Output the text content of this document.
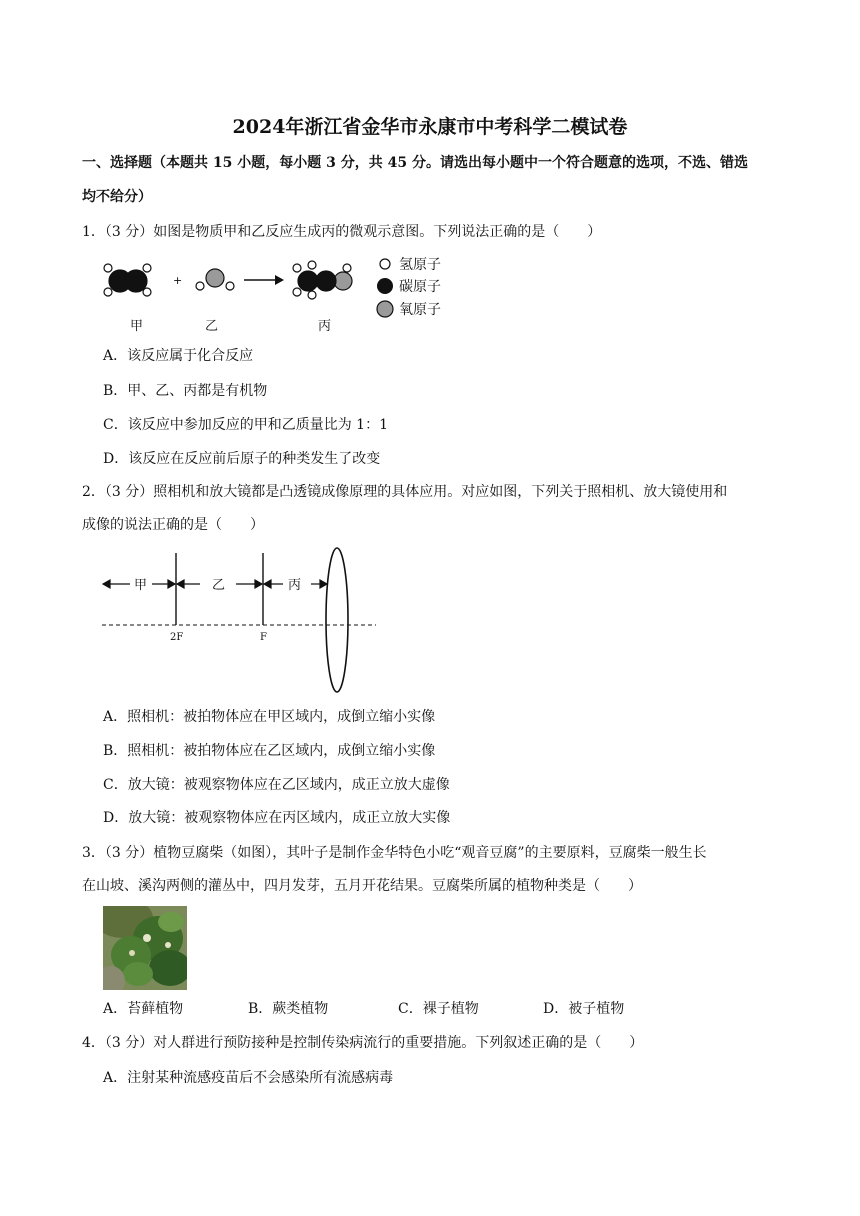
2024年浙江省金华市永康市中考科学二模试卷
一、选择题（本题共 15 小题，每小题 3 分，共 45 分。请选出每小题中一个符合题意的选项，不选、错选
均不给分）
1．（3 分）如图是物质甲和乙反应生成丙的微观示意图。下列说法正确的是（　　）
+
甲	乙	丙
氢原子
碳原子
氧原子
A．该反应属于化合反应
B．甲、乙、丙都是有机物
C．该反应中参加反应的甲和乙质量比为 1：1
D．该反应在反应前后原子的种类发生了改变
2．（3 分）照相机和放大镜都是凸透镜成像原理的具体应用。对应如图，下列关于照相机、放大镜使用和
成像的说法正确的是（　　）
甲	乙	丙
2F	F
A．照相机：被拍物体应在甲区域内，成倒立缩小实像
B．照相机：被拍物体应在乙区域内，成倒立缩小实像
C．放大镜：被观察物体应在乙区域内，成正立放大虚像
D．放大镜：被观察物体应在丙区域内，成正立放大实像
3．（3 分）植物豆腐柴（如图），其叶子是制作金华特色小吃“观音豆腐”的主要原料，豆腐柴一般生长
在山坡、溪沟两侧的灌丛中，四月发芽，五月开花结果。豆腐柴所属的植物种类是（　　）
A．苔藓植物	B．蕨类植物	C．裸子植物	D．被子植物
4．（3 分）对人群进行预防接种是控制传染病流行的重要措施。下列叙述正确的是（　　）
A．注射某种流感疫苗后不会感染所有流感病毒
